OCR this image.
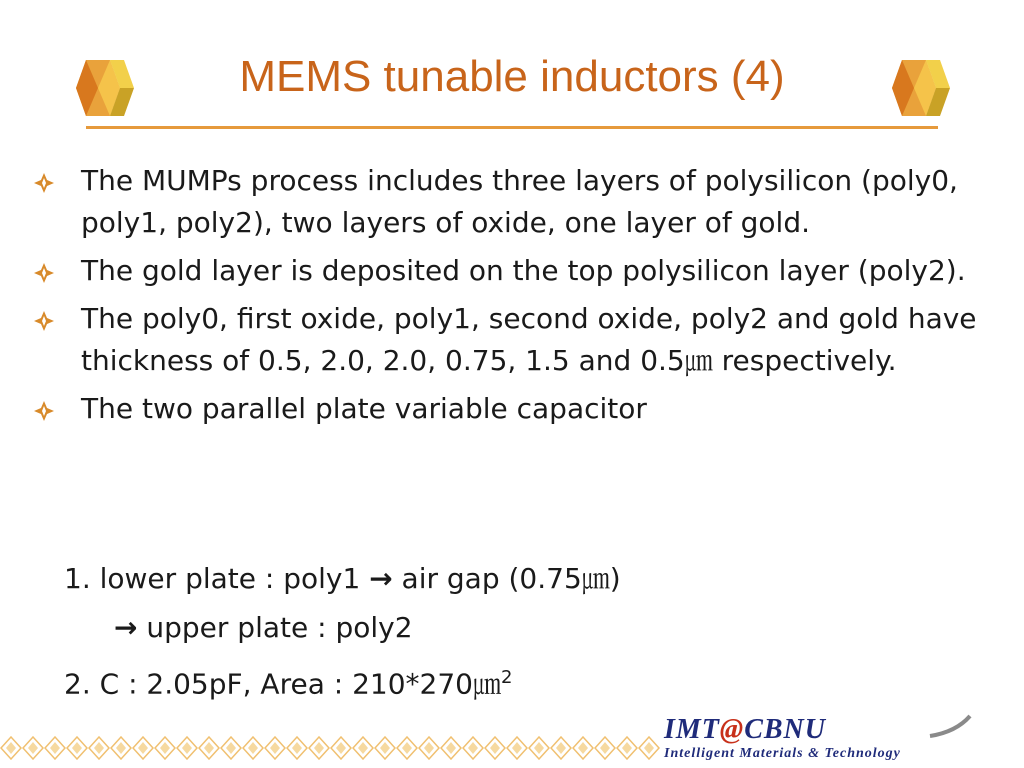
MEMS tunable inductors (4)
The MUMPs process includes three layers of polysilicon (poly0, poly1, poly2), two layers of oxide, one layer of gold.
The gold layer is deposited on the top polysilicon layer (poly2).
The poly0, first oxide, poly1, second oxide, poly2 and gold have thickness of 0.5, 2.0, 2.0, 0.75, 1.5 and 0.5㎛ respectively.
The two parallel plate variable capacitor
1. lower plate : poly1 → air gap (0.75㎛)
→ upper plate : poly2
2. C : 2.05pF, Area : 210*270㎛$^2$
IMT@CBNU
Intelligent Materials & Technology
